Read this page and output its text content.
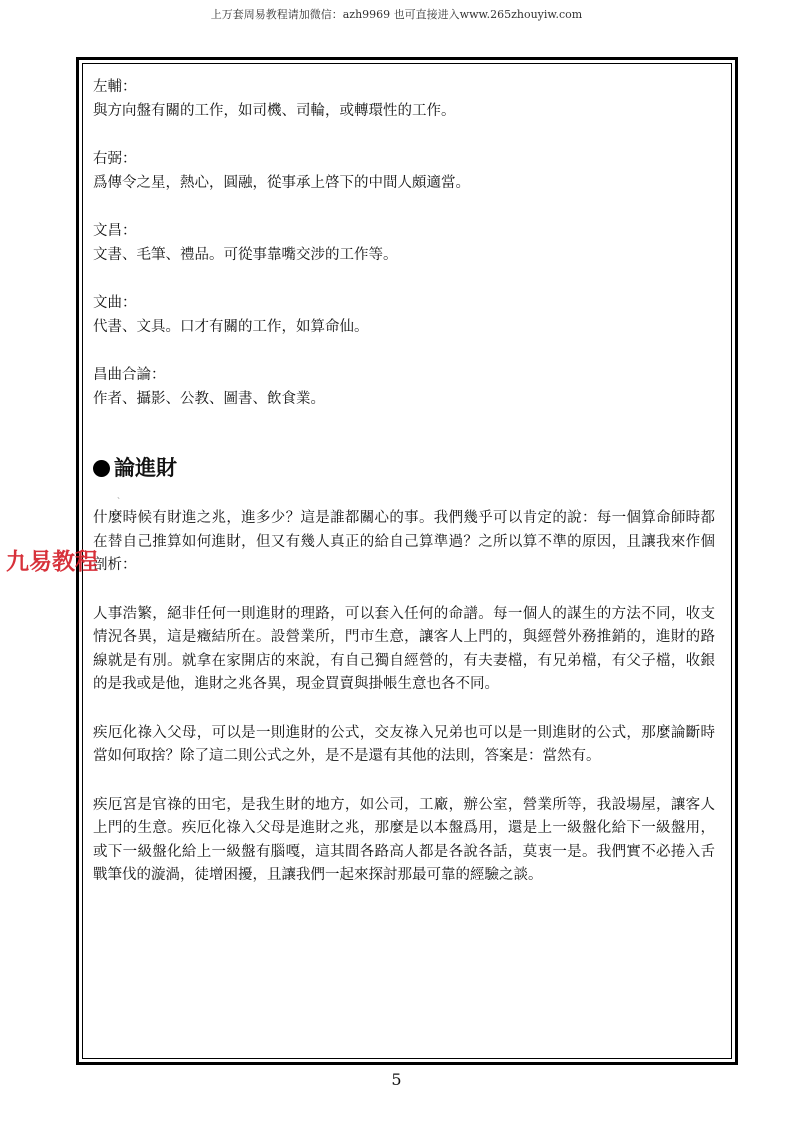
上万套周易教程请加微信：azh9969 也可直接进入www.265zhouyiw.com

左輔：

與方向盤有關的工作，如司機、司輪，或轉環性的工作。

右弼：

爲傳令之星，熱心，圓融，從事承上啓下的中間人頗適當。

文昌：

文書、毛筆、禮品。可從事靠嘴交涉的工作等。

文曲：

代書、文具。口才有關的工作，如算命仙。

昌曲合論：

作者、攝影、公教、圖書、飲食業。

論進財
、

什麼時候有財進之兆，進多少？這是誰都關心的事。我們幾乎可以肯定的說：每一個算命師時都在替自己推算如何進財，但又有幾人真正的給自己算準過？之所以算不準的原因，且讓我來作個剖析：

人事浩繁，絕非任何一則進財的理路，可以套入任何的命譜。每一個人的謀生的方法不同，收支情況各異，這是癥結所在。設營業所，門市生意，讓客人上門的，與經營外務推銷的，進財的路線就是有別。就拿在家開店的來說，有自己獨自經營的，有夫妻檔，有兄弟檔，有父子檔，收銀的是我或是他，進財之兆各異，現金買賣與掛帳生意也各不同。

疾厄化祿入父母，可以是一則進財的公式，交友祿入兄弟也可以是一則進財的公式，那麼論斷時當如何取捨？除了這二則公式之外，是不是還有其他的法則，答案是：當然有。

疾厄宮是官祿的田宅，是我生財的地方，如公司，工廠，辦公室，營業所等，我設場屋，讓客人上門的生意。疾厄化祿入父母是進財之兆，那麼是以本盤爲用，還是上一級盤化給下一級盤用，或下一級盤化給上一級盤有腦嘎，這其間各路高人都是各說各話，莫衷一是。我們實不必捲入舌戰筆伐的漩渦，徒增困擾，且讓我們一起來探討那最可靠的經驗之談。

九易教程
5
